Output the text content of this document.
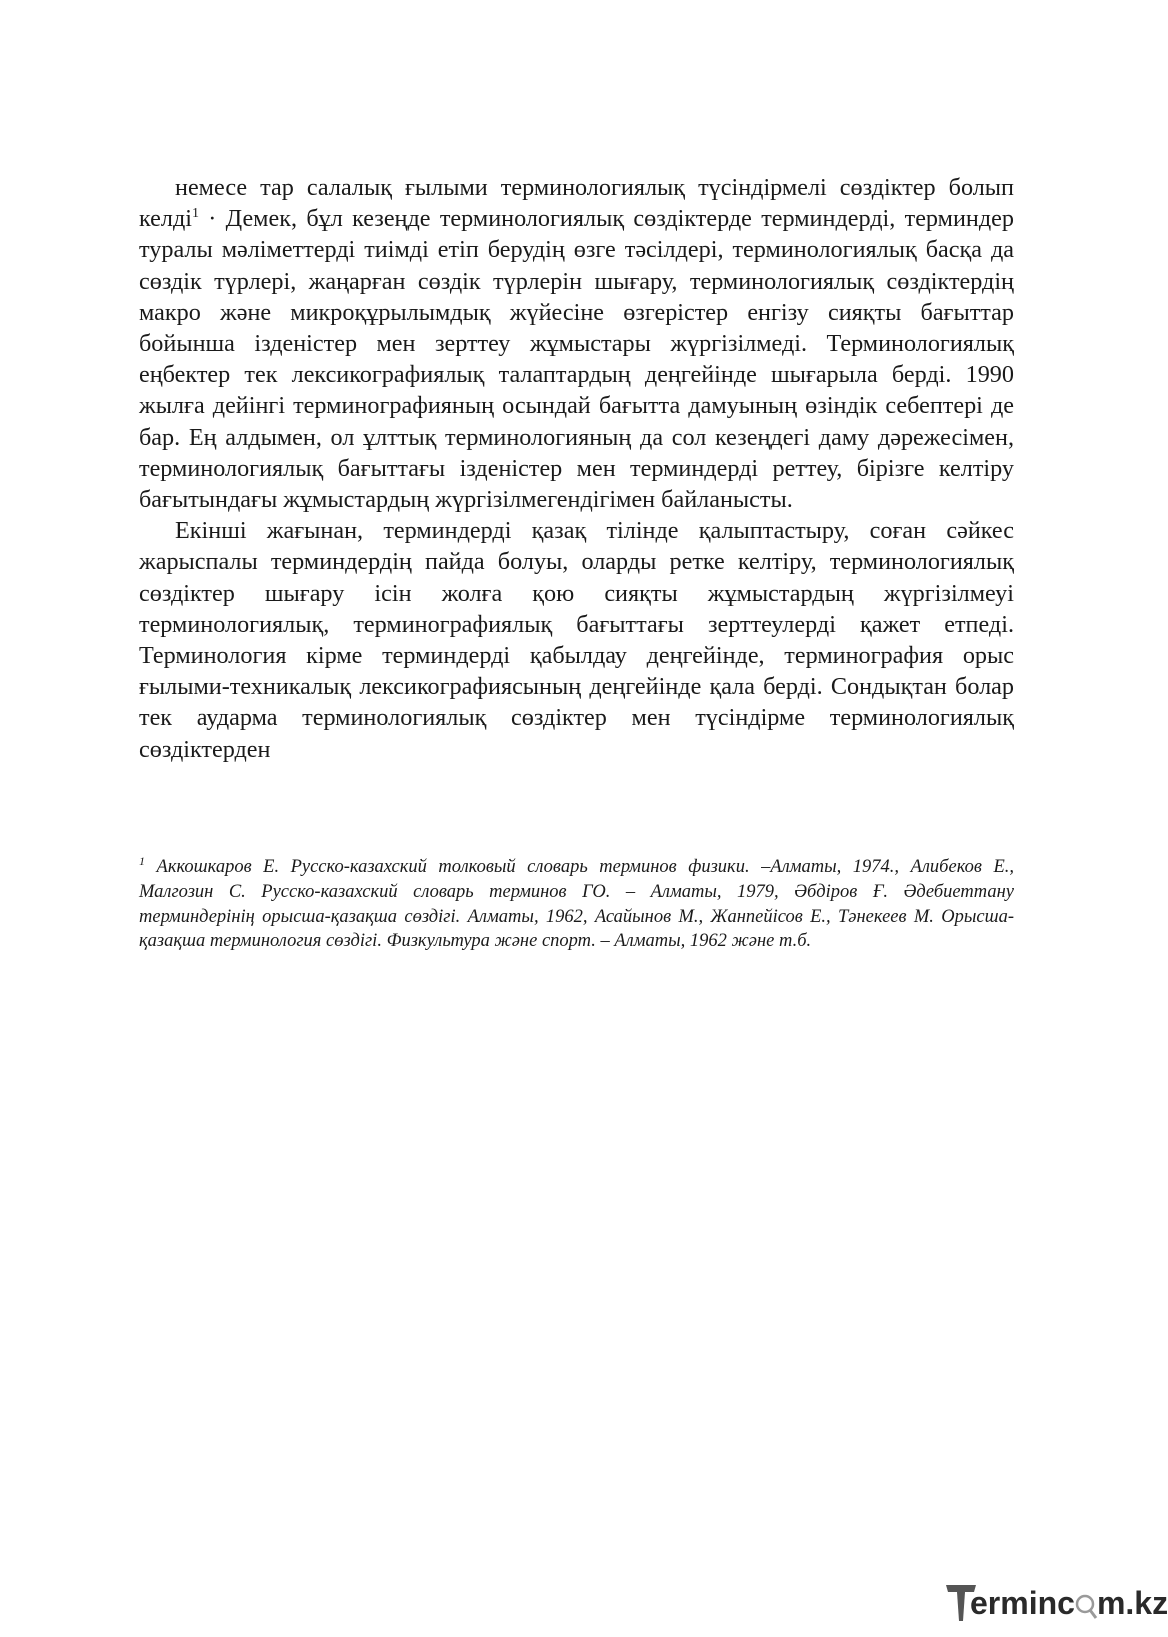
немесе тар салалық ғылыми терминологиялық түсіндірмелі сөздіктер болып келді$^1$ · Демек, бұл кезеңде терминологиялық сөздіктерде терминдерді, терминдер туралы мәліметтерді тиімді етіп берудің өзге тәсілдері, терминологиялық басқа да сөздік түрлері, жаңарған сөздік түрлерін шығару, терминологиялық сөздіктердің макро және микроқұрылымдық жүйесіне өзгерістер енгізу сияқты бағыттар бойынша ізденістер мен зерттеу жұмыстары жүргізілмеді. Терминологиялық еңбектер тек лексикографиялық талаптардың деңгейінде шығарыла берді. 1990 жылға дейінгі терминографияның осындай бағытта дамуының өзіндік себептері де бар. Ең алдымен, ол ұлттық терминологияның да сол кезеңдегі даму дәрежесімен, терминологиялық бағыттағы ізденістер мен терминдерді реттеу, бірізге келтіру бағытындағы жұмыстардың жүргізілмегендігімен байланысты.

Екінші жағынан, терминдерді қазақ тілінде қалыптастыру, соған сәйкес жарыспалы терминдердің пайда болуы, оларды ретке келтіру, терминологиялық сөздіктер шығару ісін жолға қою сияқты жұмыстардың жүргізілмеуі терминологиялық, терминографиялық бағыттағы зерттеулерді қажет етпеді. Терминология кірме терминдерді қабылдау деңгейінде, терминография орыс ғылыми-техникалық лексикографиясының деңгейінде қала берді. Сондықтан болар тек аударма терминологиялық сөздіктер мен түсіндірме терминологиялық сөздіктерден

$^1$ Аккошкаров Е. Русско-казахский толковый словарь терминов физики. –Алматы, 1974., Алибеков Е., Малгозин С. Русско-казахский словарь терминов ГО. – Алматы, 1979, Әбдіров Ғ. Әдебиеттану терминдерінің орысша-қазақша сөздігі. Алматы, 1962, Асайынов М., Жанпейісов Е., Тәнекеев М. Орысша-қазақша терминология сөздігі. Физкультура және спорт. – Алматы, 1962 және т.б.

erminc m.kz
